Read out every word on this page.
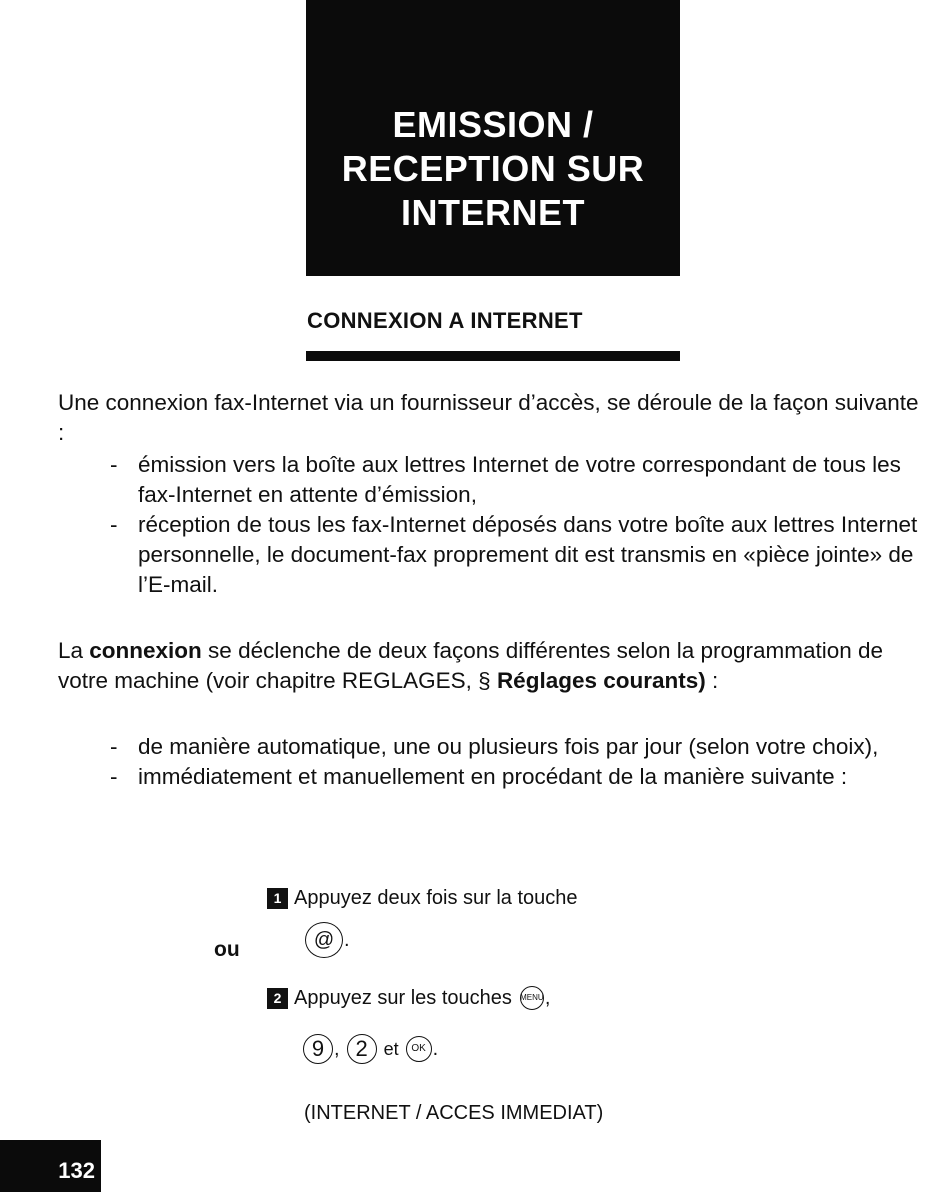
EMISSION /
RECEPTION SUR
INTERNET
CONNEXION A INTERNET
Une connexion fax-Internet via un fournisseur d’accès, se déroule de la façon suivante :
- émission vers la boîte aux lettres Internet de votre correspondant de tous les fax-Internet en attente d’émission,
- réception de tous les fax-Internet déposés dans votre boîte aux lettres Internet personnelle, le document-fax proprement dit est transmis en «pièce jointe» de l’E-mail.
La connexion se déclenche de deux façons différentes selon la programmation de votre machine (voir chapitre REGLAGES, § Réglages courants) :
- de manière automatique, une ou plusieurs fois par jour (selon votre choix),
- immédiatement et manuellement en procédant de la manière suivante :
1 Appuyez deux fois sur la touche
@ .
ou
2 Appuyez sur les touches MENU ,
9 , 2 et	OK .
(INTERNET / ACCES IMMEDIAT)
132
